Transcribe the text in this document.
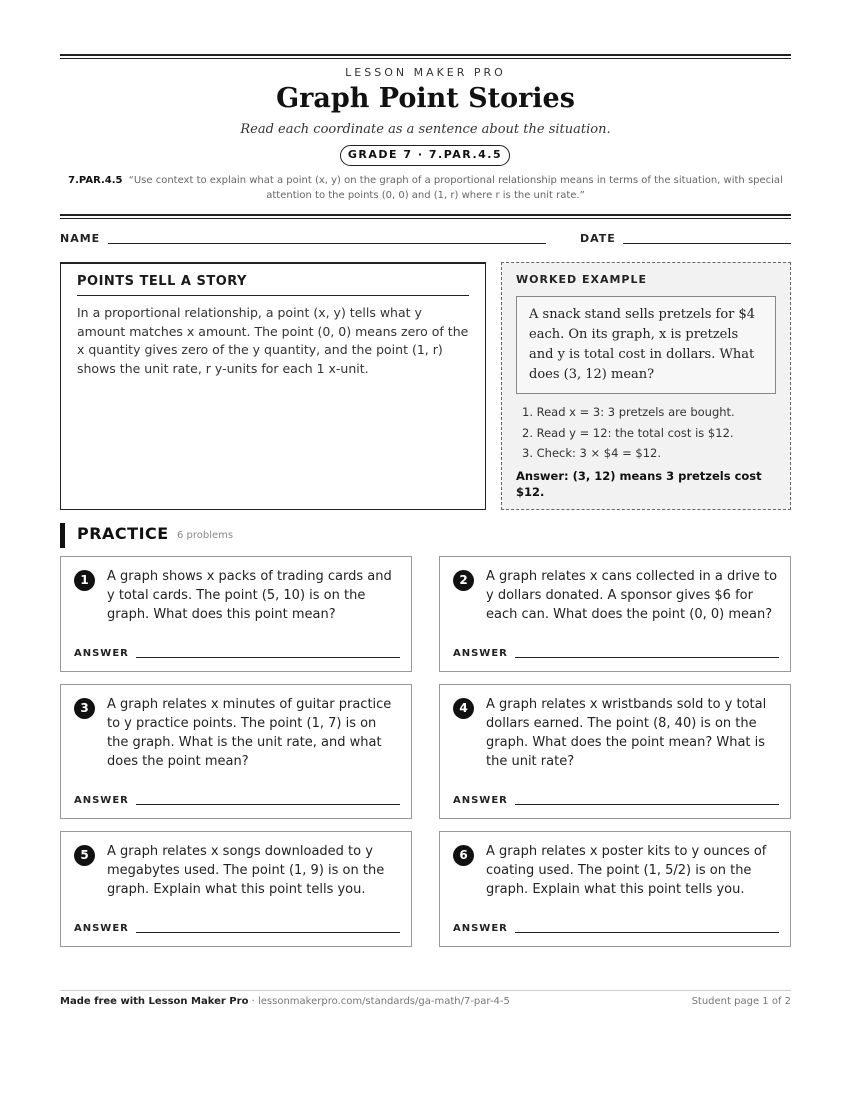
LESSON MAKER PRO
Graph Point Stories
Read each coordinate as a sentence about the situation.
GRADE 7 · 7.PAR.4.5
7.PAR.4.5 “Use context to explain what a point (x, y) on the graph of a proportional relationship means in terms of the situation, with special attention to the points (0, 0) and (1, r) where r is the unit rate.”
NAME	DATE
POINTS TELL A STORY
In a proportional relationship, a point (x, y) tells what y amount matches x amount. The point (0, 0) means zero of the x quantity gives zero of the y quantity, and the point (1, r) shows the unit rate, r y-units for each 1 x-unit.
WORKED EXAMPLE
A snack stand sells pretzels for $4 each. On its graph, x is pretzels and y is total cost in dollars. What does (3, 12) mean?
1. Read x = 3: 3 pretzels are bought.
2. Read y = 12: the total cost is $12.
3. Check: 3 × $4 = $12.
Answer: (3, 12) means 3 pretzels cost $12.
PRACTICE 6 problems
1	A graph shows x packs of trading cards and y total cards. The point (5, 10) is on the graph. What does this point mean?
ANSWER
2	A graph relates x cans collected in a drive to y dollars donated. A sponsor gives $6 for each can. What does the point (0, 0) mean?
ANSWER
3	A graph relates x minutes of guitar practice to y practice points. The point (1, 7) is on the graph. What is the unit rate, and what does the point mean?
ANSWER
4	A graph relates x wristbands sold to y total dollars earned. The point (8, 40) is on the graph. What does the point mean? What is the unit rate?
ANSWER
5	A graph relates x songs downloaded to y megabytes used. The point (1, 9) is on the graph. Explain what this point tells you.
ANSWER
6	A graph relates x poster kits to y ounces of coating used. The point (1, 5/2) is on the graph. Explain what this point tells you.
ANSWER
Made free with Lesson Maker Pro · lessonmakerpro.com/standards/ga-math/7-par-4-5	Student page 1 of 2
